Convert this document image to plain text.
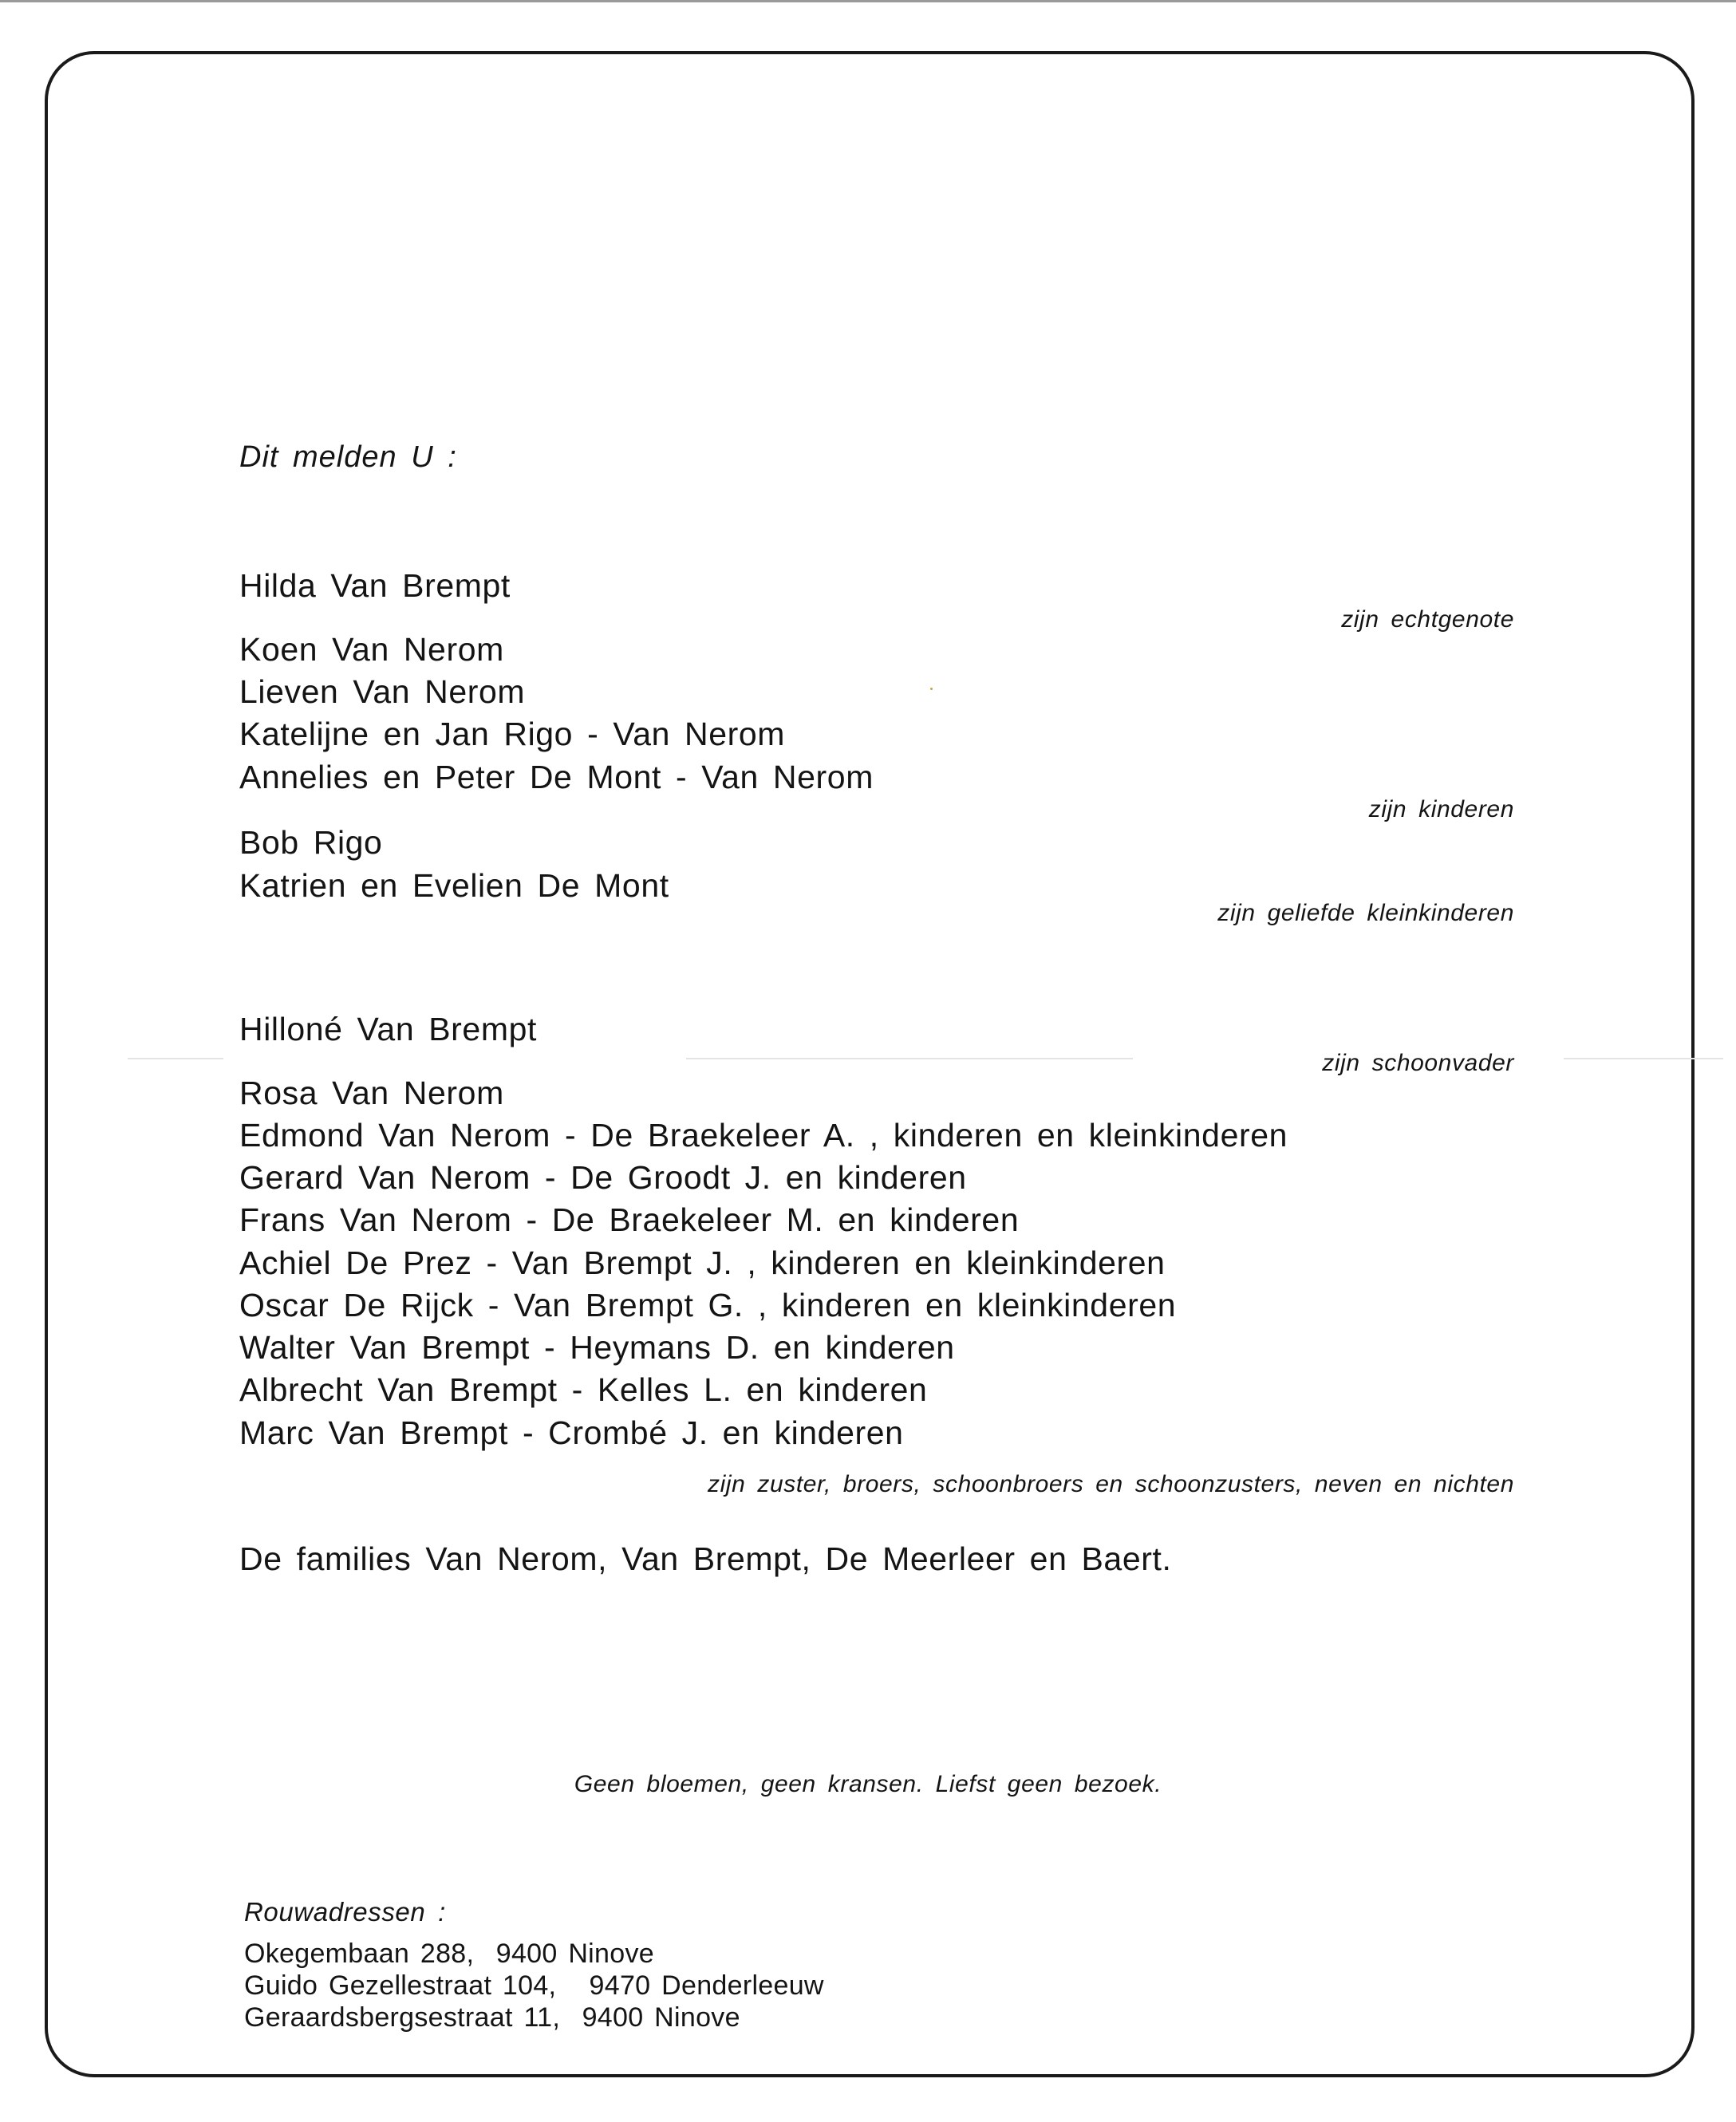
Dit melden U :

Hilda Van Brempt

zijn echtgenote

Koen Van Nerom

Lieven Van Nerom

Katelijne en Jan Rigo - Van Nerom

Annelies en Peter De Mont - Van Nerom

zijn kinderen

Bob Rigo

Katrien en Evelien De Mont

zijn geliefde kleinkinderen

Hilloné Van Brempt

zijn schoonvader

Rosa Van Nerom

Edmond Van Nerom - De Braekeleer A. , kinderen en kleinkinderen

Gerard Van Nerom - De Groodt J. en kinderen

Frans Van Nerom - De Braekeleer M. en kinderen

Achiel De Prez - Van Brempt J. , kinderen en kleinkinderen

Oscar De Rijck - Van Brempt G. , kinderen en kleinkinderen

Walter Van Brempt - Heymans D. en kinderen

Albrecht Van Brempt - Kelles L. en kinderen

Marc Van Brempt - Crombé J. en kinderen

zijn zuster, broers, schoonbroers en schoonzusters, neven en nichten

De families Van Nerom, Van Brempt, De Meerleer en Baert.

Geen bloemen, geen kransen. Liefst geen bezoek.

Rouwadressen :

Okegembaan 288,  9400 Ninove

Guido Gezellestraat 104,   9470 Denderleeuw

Geraardsbergsestraat 11,  9400 Ninove
